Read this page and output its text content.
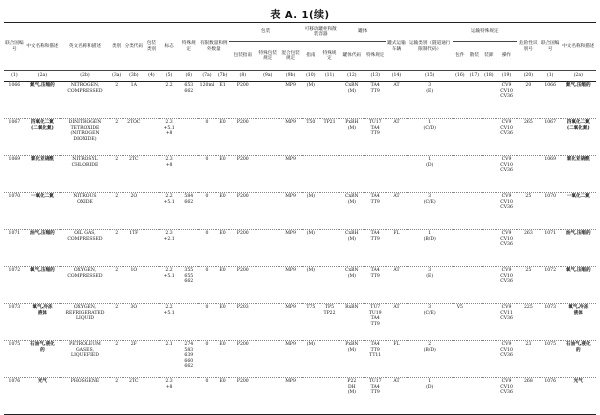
表 A. 1(续)
联合国编号	中文名称和描述	英文名称和描述	类别	分类代码	包装类别	标志	特殊规定	有限数量和例外数量		包装			可移动罐柜和散装容器		罐体		罐式运输车辆	运输类别（隧道通行限制代码）	运输特殊规定				危险性识别号	联合国编号	中文名称和描述
										包装指南	特殊包装规定	混合包装规定	指南	特殊规定	罐体代码	特殊规定			包件	散装	装卸	操作			
(1)	(2a)	(2b)	(3a)	(3b)	(4)	(5)	(6)	(7a)	(7b)	(8)	(9a)	(9b)	(10)	(11)	(12)	(13)	(14)	(15)	(16)	(17)	(18)	(19)	(20)	(1)	(2a)
1066	氮气,压缩的	NITROGEN,
COMPRESSED	2	1A		2.2	653
662	120ml	E1	P200		MP9	(M)		CxBN
(M)	TA4
TT9	AT	3
(E)				CV9
CV10
CV36	20	1066	氮气,压缩的
1067	四氧化二氮
(二氧化氮)	DINITROGEN
TETROXIDE
(NITROGEN
DIOXIDE)	2	2TOC		2.3
+5.1
+8		0	E0	P200		MP9	T50	TP21	PxBH
(M)	TU17
TA4
TT9	AT	1
(C/D)				CV9
CV10
CV36	265	1067	四氧化二氮
(二氧化氮)
1069	氯化亚硝酰	NITROSYL
CHLORIDE	2	2TC		2.3
+8		0	E0	P200		MP9						1
(D)				CV9
CV10
CV36		1069	氯化亚硝酰
1070	一氧化二氮	NITROUS
OXIDE	2	2O		2.2
+5.1	584
662	0	E0	P200		MP9	(M)		CxBN
(M)	TA4
TT9	AT	3
(C/E)				CV9
CV10
CV36	25	1070	一氧化二氮
1071	油气,压缩的	OIL GAS,
COMPRESSED	2	1TF		2.3
+2.1		0	E0	P200		MP9	(M)		CxBH
(M)	TA4
TT9	FL	1
(B/D)				CV9
CV10
CV36	263	1071	油气,压缩的
1072	氧气,压缩的	OXYGEN,
COMPRESSED	2	1O		2.2
+5.1	355
655
662	0	E0	P200		MP9	(M)		CxBN
(M)	TA4
TT9	AT	3
(E)				CV9
CV10
CV36	25	1072	氧气,压缩的
1073	氧气,冷冻
液体	OXYGEN,
REFRIGERATED
LIQUID	2	3O		2.2
+5.1		0	E0	P203		MP9	T75	TP5
TP22	RxBN	TU7
TU19
TA4
TT9	AT	3
(C/E)	V5			CV9
CV11
CV36	225	1073	氧气,冷冻
液体
1075	石油气,液化
的	PETROLEUM
GASES,
LIQUEFIED	2	2F		2.1	274
583
639
660
662	0	E0	P200		MP9	(M)		PxBN
(M)	TA4
TT9
TT11	FL	2
(B/D)				CV9
CV10
CV36	23	1075	石油气,液化
的
1076	光气	PHOSGENE	2	2TC		2.3
+8		0	E0	P200		MP9			P22
DH
(M)	TU17
TA4
TT9	AT	1
(D)				CV9
CV10
CV36	268	1076	光气
